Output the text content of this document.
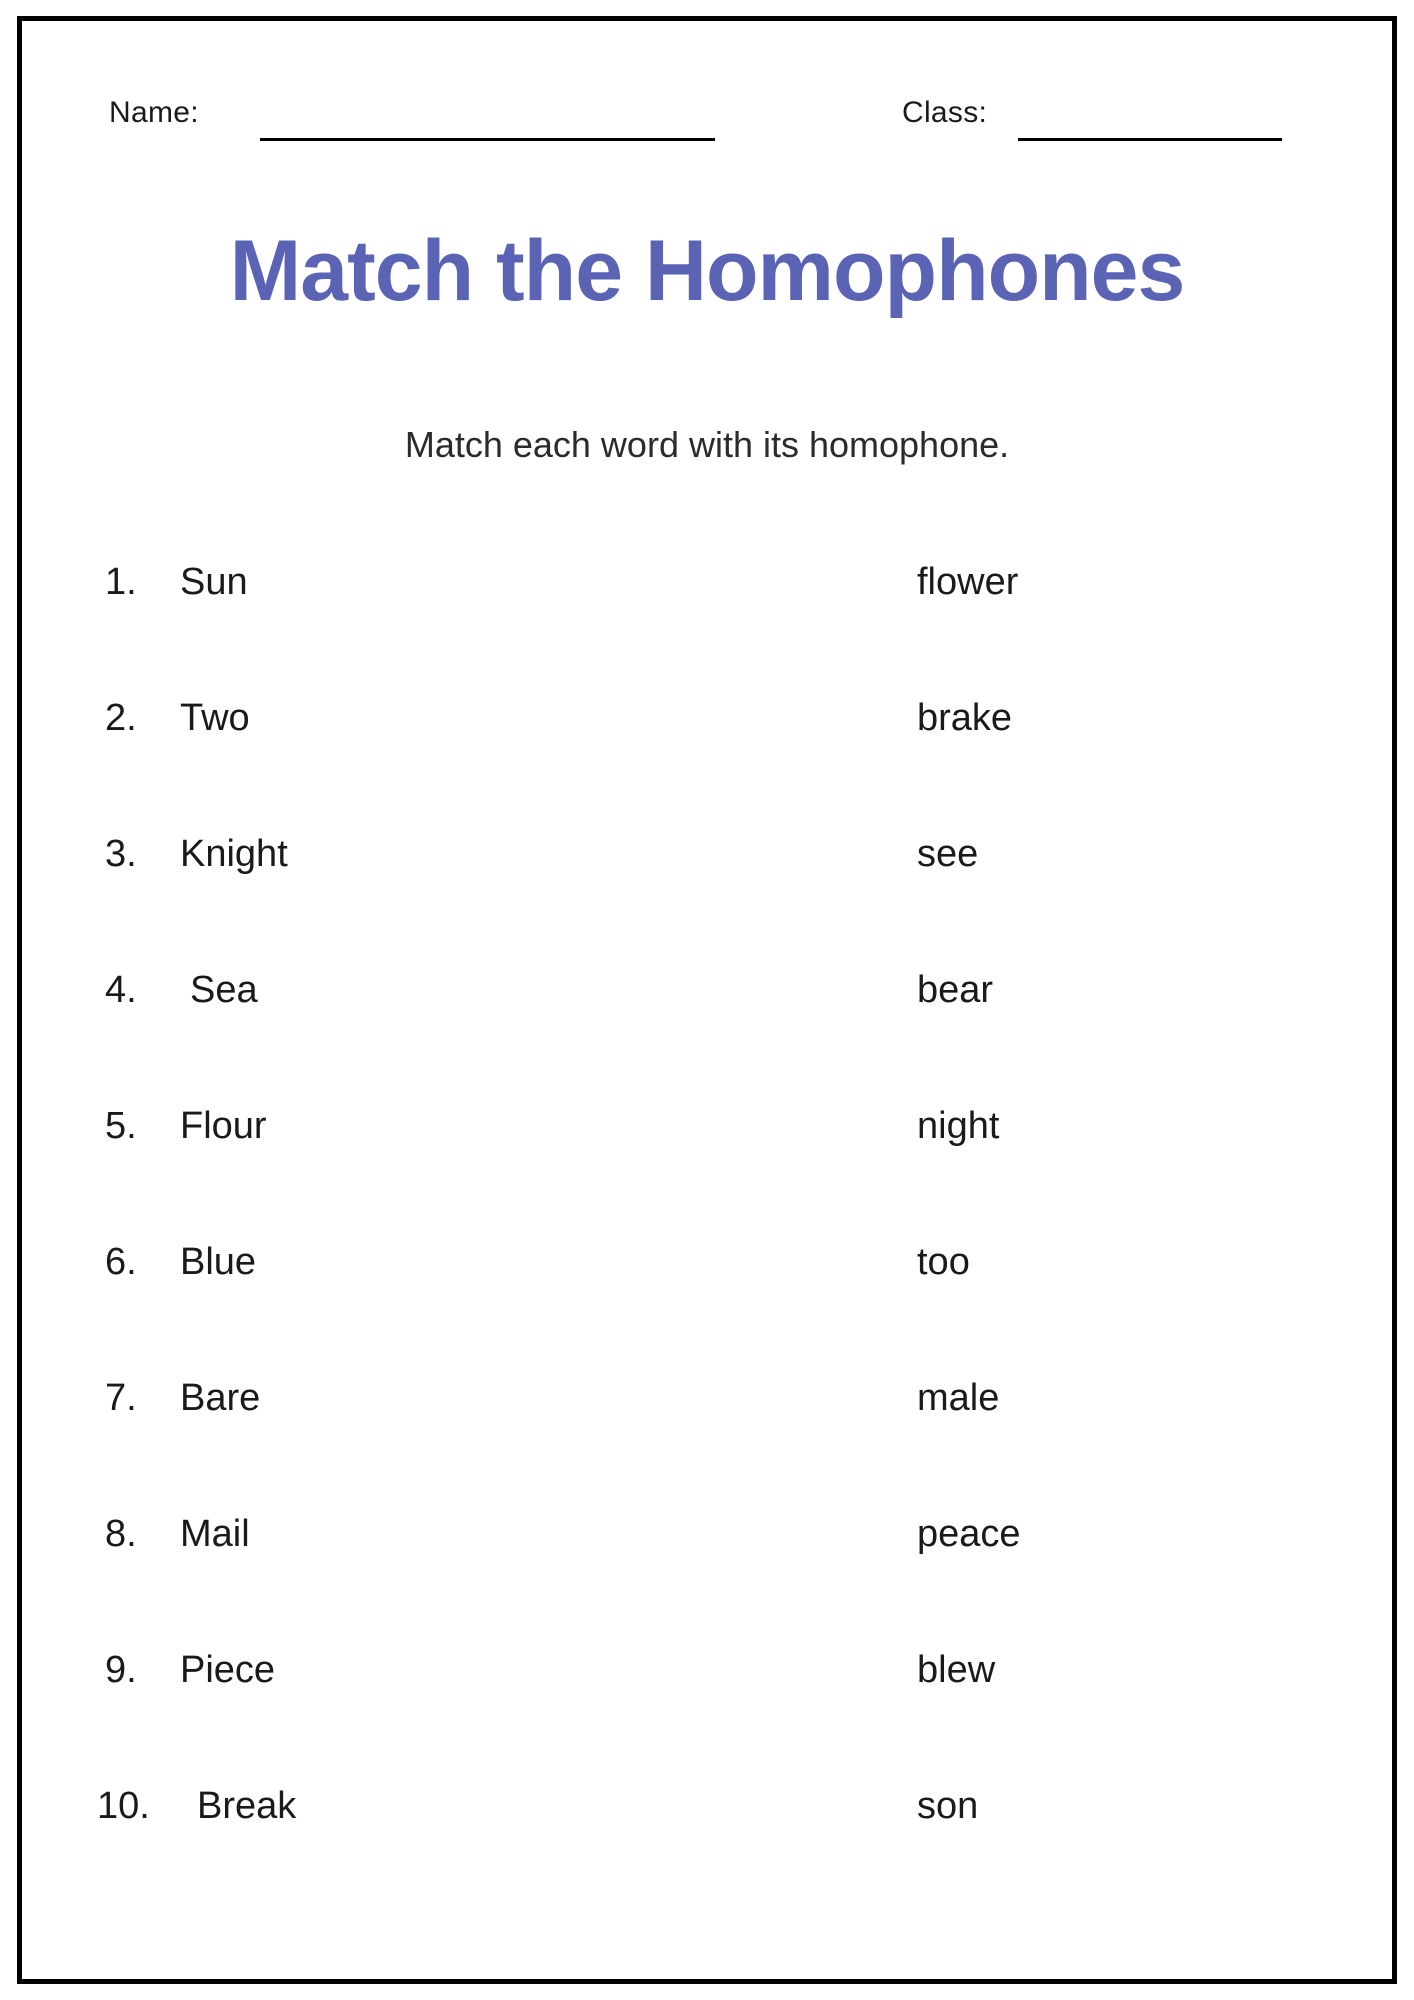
Name:	Class:
Match the Homophones
Match each word with its homophone.
1.	Sun	flower
2.	Two	brake
3.	Knight	see
4.	Sea	bear
5.	Flour	night
6.	Blue	too
7.	Bare	male
8.	Mail	peace
9.	Piece	blew
10.	Break	son
